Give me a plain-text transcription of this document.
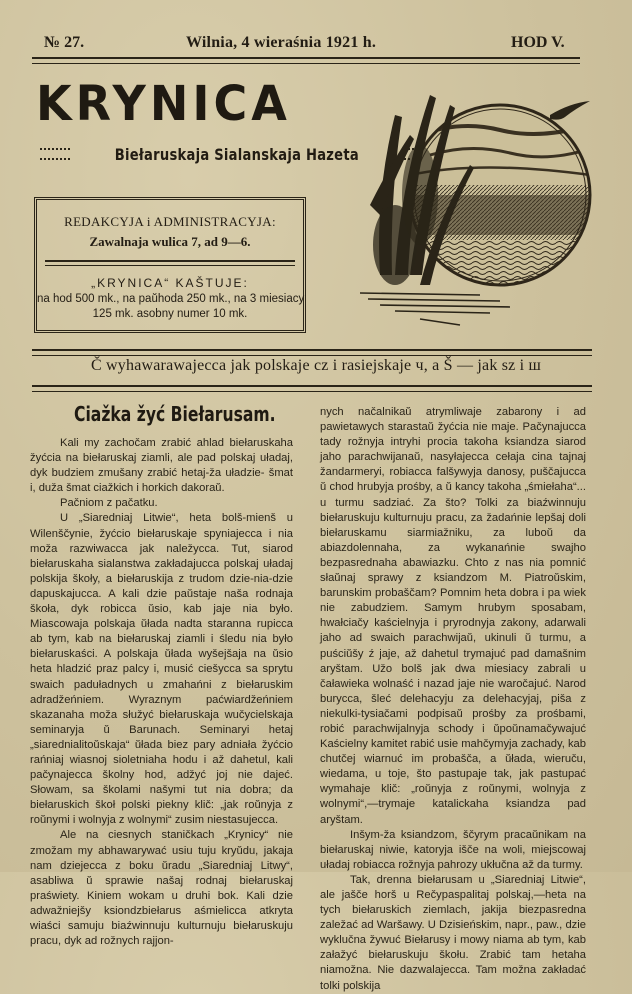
№ 27.	Wilnia, 4 wieraśnia 1921 h.	HOD V.
KRYNICA
Biełaruskaja Sialanskaja Hazeta
REDAKCYJA i ADMINISTRACYJA:
Zawalnaja wulica 7, ad 9—6.
„KRYNICA“ KAŠTUJE:
na hod 500 mk., na paŭhoda 250 mk., na 3 miesiacy
125 mk. asobny numer 10 mk.
Č wyhawarawajecca jak polskaje cz i rasiejskaje ч, a Š — jak sz i ш
Ciažka žyć Biełarusam.

Kali my zachočam zrabić ahlad biełaruskaha žyćcia na biełaruskaj ziamli, ale pad polskaj uładaj, dyk budziem zmušany zrabić hetaj-ža uładzie- šmat i, duža šmat ciažkich i horkich dakoraŭ.

Pačniom z pačatku.

U „Siaredniaj Litwie“, heta bolš-mienš u Wilenščynie, žyćcio biełaruskaje spyniajecca i nia moža razwiwacca jak naležycca. Tut, siarod biełaruskaha sialanstwa zakładajucca polskaj uładaj polskija škoły, a biełaruskija z trudom dzie-nia-dzie dapuskajucca. A kali dzie paŭstaje naša rodnaja škoła, dyk robicca ŭsio, kab jaje nia było. Miascowaja polskaja ŭłada nadta staranna rupicca ab tym, kab na biełaruskaj ziamli i śledu nia było biełaruskaści. A polskaja ŭłada wyšejšaja na ŭsio heta hladzić praz palcy i, musić ciešycca sa sprytu swaich paduładnych u zmahańni z biełaruskim adradžeńniem. Wyraznym paćwiardžeńniem skazanaha moža słužyć biełaruskaja wučycielskaja seminaryja ŭ Barunach. Seminaryi hetaj „siarednialitoŭskaja“ ŭłada biez pary adniała žyćcio rańniaj wiasnoj sioletniaha hodu i až dahetul, kali pačynajecca školny hod, adžyć joj nie dajeć. Słowam, sa školami našymi tut nia dobra; da biełaruskich škoł polski piekny klič: „jak roŭnyja z roŭnymi i wolnyja z wolnymi“ zusim niestasujecca.

Ale na ciesnych staničkach „Krynicy“ nie zmožam my abhawarywać usiu tuju kryŭdu, jakaja nam dziejecca z boku ŭradu „Siaredniaj Litwy“, asabliwa ŭ sprawie našaj rodnaj biełaruskaj praświety. Kiniem wokam u druhi bok. Kali dzie adwažniejšy ksiondzbiełarus aśmielicca atkryta wiaści samuju biaźwinnuju kulturnuju biełaruskuju pracu, dyk ad rožnych rajjon-

nych načalnikaŭ atrymliwaje zabarony i ad pawietawych starastaŭ žyćcia nie maje. Pačynajucca tady rožnyja intryhi procia takoha ksiandza siarod jaho parachwijanaŭ, nasyłajecca cełaja cina tajnaj žandarmeryi, robiacca falšywyja danosy, puščajucca ŭ chod hrubyja prośby, a ŭ kancy takoha „śmiełaha“... u turmu sadziać. Za što? Tolki za biaźwinnuju biełaruskuju kulturnuju pracu, za žadańnie lepšaj doli biełaruskamu siarmiažniku, za luboŭ da abiazdolennaha, za wykanańnie swajho bezpasrednaha abawiazku. Chto z nas nia pomnić słaŭnaj sprawy z ksiandzom M. Piatroŭskim, barunskim probaščam? Pomnim heta dobra i pa wiek nie zabudziem. Samym hrubym sposabam, hwałciačy kaścielnyja i pryrodnyja zakony, adarwali jaho ad swaich parachwijaŭ, ukinuli ŭ turmu, a puściŭšy ź jaje, až dahetul trymajuć pad damašnim aryštam. Užo bolš jak dwa miesiacy zabrali u čaławieka wolnaść i nazad jaje nie waročajuć. Narod burycca, šleć delehacyju za delehacyjaj, piša z niekulki-tysiačami podpisaŭ prośby za prośbami, robić parachwijalnyja schody i ŭpoŭnamačywajuć Kaścielny kamitet rabić usie mahčymyja zachady, kab chutčej wiarnuć im probašča, a ŭłada, wieruču, wiedama, u toje, što pastupaje tak, jak pastupać wymahaje klič: „roŭnyja z roŭnymi, wolnyja z wolnymi“,—trymaje katalickaha ksiandza pad aryštam.

Inšym-ža ksiandzom, ščyrym pracaŭnikam na biełaruskaj niwie, katoryja išče na woli, miejscowaj uładaj robiacca rožnyja pahrozy ukłučna až da turmy.

Tak, drenna biełarusam u „Siaredniaj Litwie“, ale jašče horš u Rečypaspalitaj polskaj,—heta na tych biełaruskich ziemlach, jakija biezpasredna zaležać ad Waršawy. U Dzisieńskim, napr., paw., dzie wyklučna žywuć Biełarusy i mowy niama ab tym, kab załažyć biełaruskuju škołu. Zrabić tam hetaha niamožna. Nie dazwalajecca. Tam možna zakładać tolki polskija
